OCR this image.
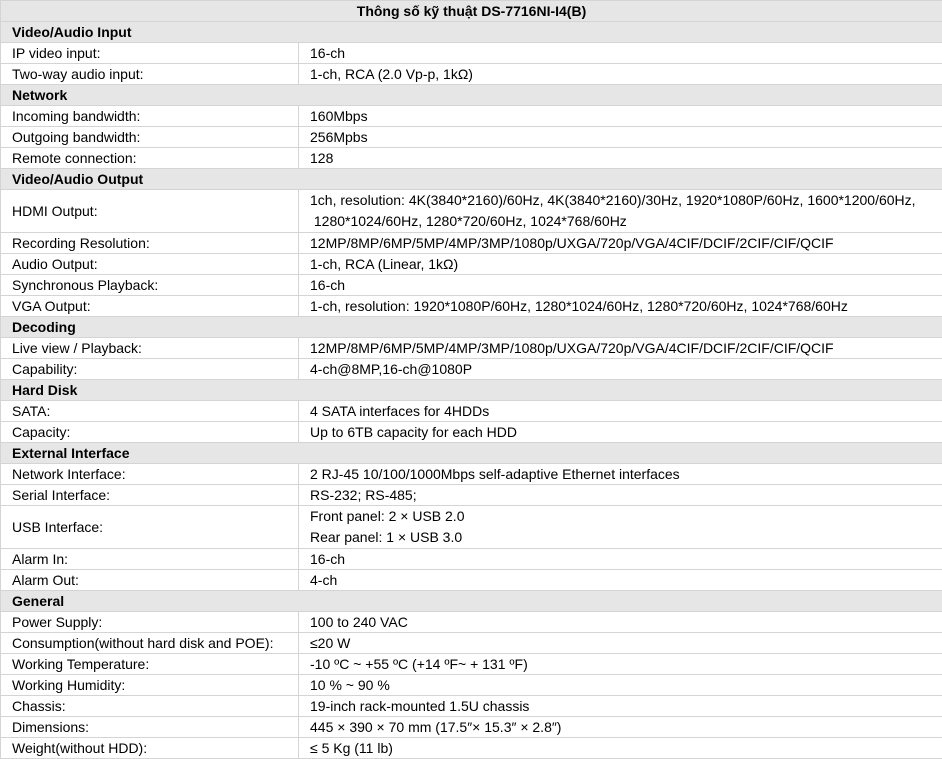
Thông số kỹ thuật DS-7716NI-I4(B)	
Video/Audio Input	
IP video input:	16-ch

Two-way audio input:	1-ch, RCA (2.0 Vp-p, 1kΩ)

Network	
Incoming bandwidth:	160Mbps

Outgoing bandwidth:	256Mpbs

Remote connection:	128

Video/Audio Output	
HDMI Output:	1ch, resolution: 4K(3840*2160)/60Hz, 4K(3840*2160)/30Hz, 1920*1080P/60Hz, 1600*1200/60Hz,
1280*1024/60Hz, 1280*720/60Hz, 1024*768/60Hz

Recording Resolution:	12MP/8MP/6MP/5MP/4MP/3MP/1080p/UXGA/720p/VGA/4CIF/DCIF/2CIF/CIF/QCIF

Audio Output:	1-ch, RCA (Linear, 1kΩ)

Synchronous Playback:	16-ch

VGA Output:	1-ch, resolution: 1920*1080P/60Hz, 1280*1024/60Hz, 1280*720/60Hz, 1024*768/60Hz

Decoding	
Live view / Playback:	12MP/8MP/6MP/5MP/4MP/3MP/1080p/UXGA/720p/VGA/4CIF/DCIF/2CIF/CIF/QCIF

Capability:	4-ch@8MP,16-ch@1080P

Hard Disk	
SATA:	4 SATA interfaces for 4HDDs

Capacity:	Up to 6TB capacity for each HDD

External Interface	
Network Interface:	2 RJ-45 10/100/1000Mbps self-adaptive Ethernet interfaces

Serial Interface:	RS-232; RS-485;

USB Interface:	Front panel: 2 × USB 2.0
Rear panel: 1 × USB 3.0

Alarm In:	16-ch

Alarm Out:	4-ch

General	
Power Supply:	100 to 240 VAC

Consumption(without hard disk and POE):	≤20 W

Working Temperature:	-10 ºC ~ +55 ºC (+14 ºF~ + 131 ºF)

Working Humidity:	10 % ~ 90 %

Chassis:	19-inch rack-mounted 1.5U chassis

Dimensions:	445 × 390 × 70 mm (17.5″× 15.3″ × 2.8″)

Weight(without HDD):	≤ 5 Kg (11 lb)
